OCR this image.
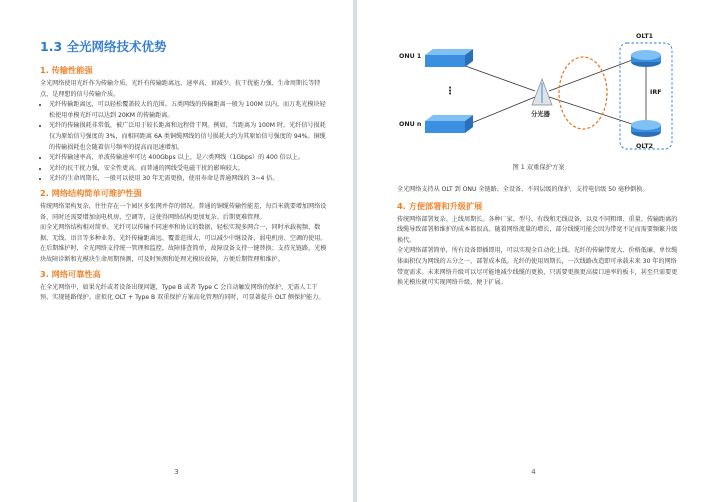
1.3 全光网络技术优势
1. 传输性能强

全光网络使用光纤作为传输介质，光纤有传输距离远、速率高、衰减少、抗干扰能力强、生命周期长等特点，是理想的信号传输介质。

• 光纤传输距离远，可以轻松覆盖较大的范围。五类网线的传输距离一般为 100M 以内，而万兆光模块轻松使用单模光纤可以达到 20KM 的传输距离。
• 光纤的传输损耗非常低，被广泛用于较长距离和远程骨干网。例如，当距离为 100M 时，光纤信号损耗仅为原始信号强度的 3%，而相同距离 6A 类铜缆网线的信号损耗大约为其原始信号强度的 94%。铜缆的传输损耗也会随着信号频率的提高而迅速增加。
• 光纤传输速率高，单波传输速率可达 400Gbps 以上，是六类网线（1Gbps）的 400 倍以上。
• 光纤的抗干扰力强，安全性更高。而普通的网线受电磁干扰的影响较大。
• 光纤的生命周期长，一般可以使用 30 年无需更换，使用寿命是普通网线的 3~4 倍。
2. 网络结构简单可维护性强

传统网络架构复杂，往往存在一个园区多张网并存的情况。普通的铜缆传输性能差，每百米就要增加网络设备，同时还需要增加弱电机房、空调等，这使得网络结构更加复杂、后期更难管理。

而全光网络结构相对简单，光纤可以传输不同速率和协议的数据，轻松实现多网合一，同时承载视频、数据、无线、语音等多种业务。光纤传输距离远、覆盖范围大，可以减少中继设备、弱电机房、空调的使用。在后期维护时，全光网络支持统一管理和监控，故障排查简单，故障设备支持一键替换；支持光链路、光模块故障诊断和光模块生命周期预测，可及时预测和处理光模块故障，方便后期管理和维护。

3. 网络可靠性高

在全光网络中，如果光纤或者设备出现问题，Type B 或者 Type C 会自动触发网络的保护，无需人工干预，实现链路保护。虚拟化 OLT + Type B 双重保护方案高化管理的同时，可显著提升 OLT 侧保护能力。

3
ONU 1
⋮
ONU n
分光器
OLT1
IRF
OLT2
图 1 双重保护方案

全光网络支持从 OLT 到 ONU 全链路、全设备、不同层级的保护，支持电信级 50 毫秒倒换。

4. 方便部署和升级扩展

传统网络部署复杂、上线周期长。各种厂家、型号、有线和无线设备，以及不同粗细、重量、传输距离的线缆导致部署和维护的成本都很高。随着网络流量的增长，部分线缆可能会因为带宽不足而需要频繁升级换代。

全光网络部署简单，所有设备即插即用，可以实现全自动化上线。光纤的传输带宽大、价格低廉、单位缆体面积仅为网线的五分之一，部署成本低。光纤的使用周期长，一次线路改造即可承载未来 30 年的网络带宽需求。未来网络升级可以尽可能地减少线缆的更换，只需要更换更高接口速率的板卡，甚至只需要更换光模块就可实现网络升级，便于扩展。

4
